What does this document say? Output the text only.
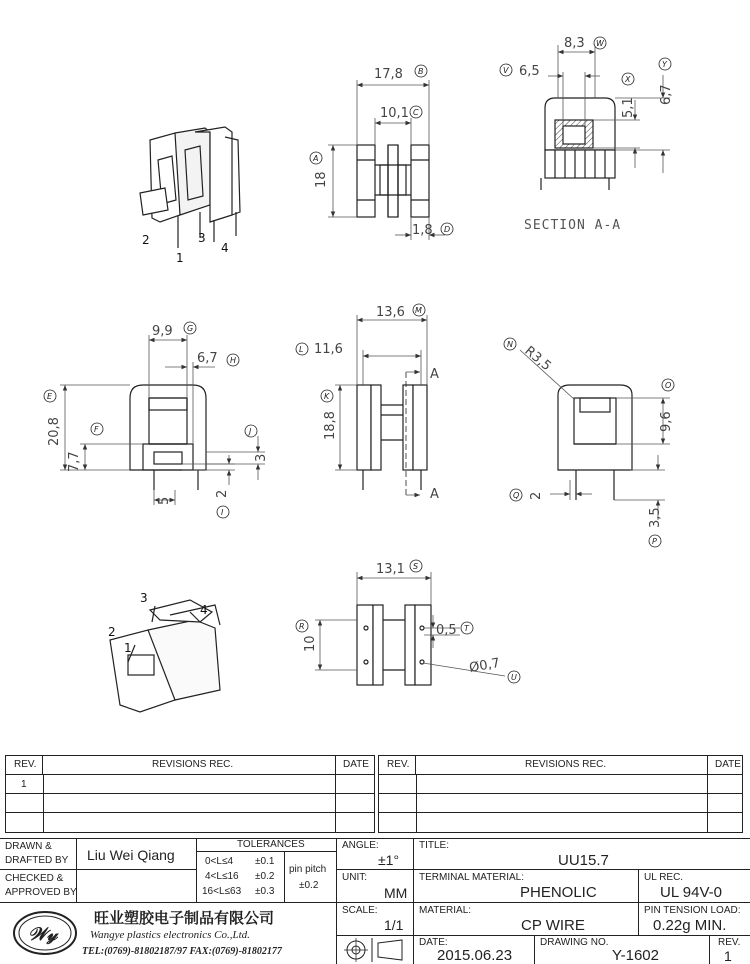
17,8
10,1
18
1,8
8,3
6,5
6,7
5,1
SECTION A-A
9,9
6,7
20,8
7,7	3
2
5
13,6
11,6
18,8
A
A
R3,5
9,6
2
3,5
13,1
10
0,5
Ø0,7
2
1
3
4
3
4
2
1
B
C
A
D
W
V
Y
X
G
H
E
F	J
I
M
L
K
N
O
Q
P
S
R	T
U
REV.	REVISIONS REC.	DATE
1
REV.	REVISIONS REC.	DATE
DRAWN &
DRAFTED BY Liu Wei Qiang
CHECKED &
APPROVED BY
TOLERANCES
0<L≤4 ±0.1
4<L≤16 ±0.2
16<L≤63 ±0.3
pin pitch
±0.2
ANGLE:
±1°
UNIT:
MM
SCALE:
1/1
𝒲𝓎
旺业塑胶电子制品有限公司
Wangye plastics electronics Co.,Ltd.
TEL:(0769)-81802187/97 FAX:(0769)-81802177
TITLE:
UU15.7
TERMINAL MATERIAL:
PHENOLIC
UL REC.
UL 94V-0
MATERIAL:
CP WIRE
PIN TENSION LOAD:
0.22g MIN.
DATE:
2015.06.23
DRAWING NO.
Y-1602
REV.
1
